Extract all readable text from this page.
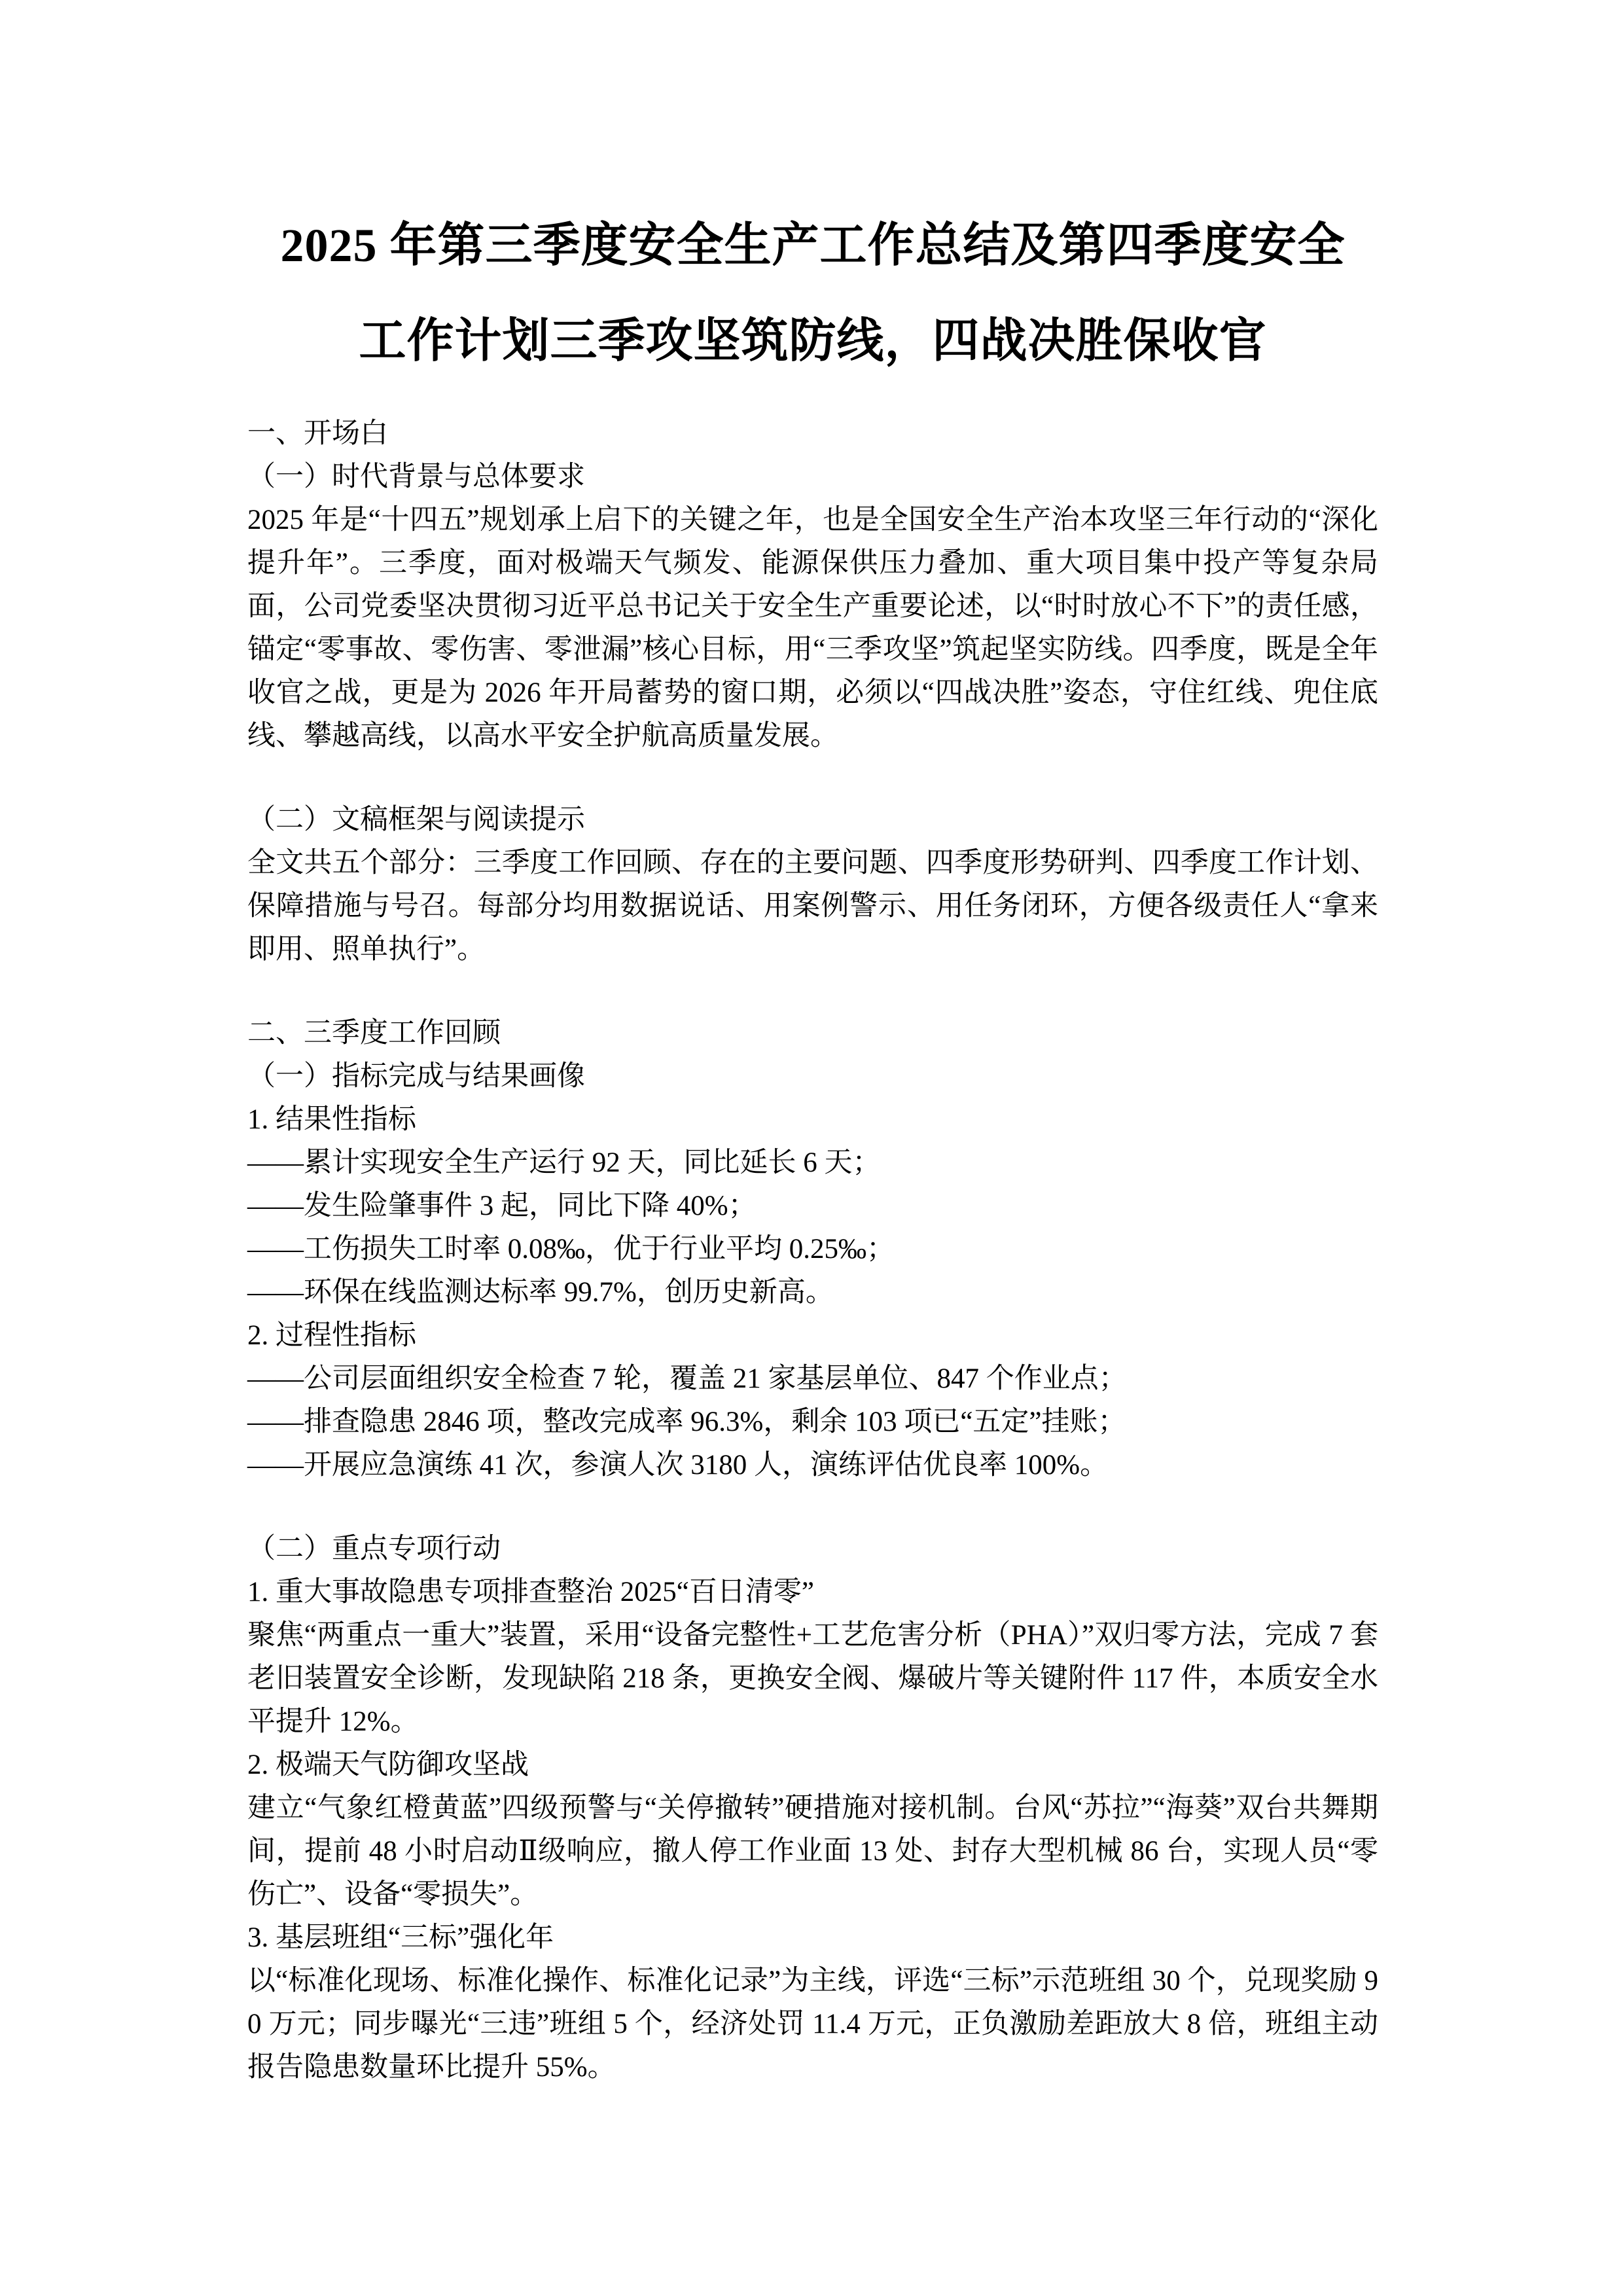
2025 年第三季度安全生产工作总结及第四季度安全
工作计划三季攻坚筑防线，四战决胜保收官

一、开场白

（一）时代背景与总体要求

2025 年是“十四五”规划承上启下的关键之年，也是全国安全生产治本攻坚三年行动的“深化提升年”。三季度，面对极端天气频发、能源保供压力叠加、重大项目集中投产等复杂局面，公司党委坚决贯彻习近平总书记关于安全生产重要论述，以“时时放心不下”的责任感，锚定“零事故、零伤害、零泄漏”核心目标，用“三季攻坚”筑起坚实防线。四季度，既是全年收官之战，更是为 2026 年开局蓄势的窗口期，必须以“四战决胜”姿态，守住红线、兜住底线、攀越高线，以高水平安全护航高质量发展。

（二）文稿框架与阅读提示

全文共五个部分：三季度工作回顾、存在的主要问题、四季度形势研判、四季度工作计划、保障措施与号召。每部分均用数据说话、用案例警示、用任务闭环，方便各级责任人“拿来即用、照单执行”。

二、三季度工作回顾

（一）指标完成与结果画像

1. 结果性指标

——累计实现安全生产运行 92 天，同比延长 6 天；

——发生险肇事件 3 起，同比下降 40%；

——工伤损失工时率 0.08‰，优于行业平均 0.25‰；

——环保在线监测达标率 99.7%，创历史新高。

2. 过程性指标

——公司层面组织安全检查 7 轮，覆盖 21 家基层单位、847 个作业点；

——排查隐患 2846 项，整改完成率 96.3%，剩余 103 项已“五定”挂账；

——开展应急演练 41 次，参演人次 3180 人，演练评估优良率 100%。

（二）重点专项行动

1. 重大事故隐患专项排查整治 2025“百日清零”

聚焦“两重点一重大”装置，采用“设备完整性+工艺危害分析（PHA）”双归零方法，完成 7 套老旧装置安全诊断，发现缺陷 218 条，更换安全阀、爆破片等关键附件 117 件，本质安全水平提升 12%。

2. 极端天气防御攻坚战

建立“气象红橙黄蓝”四级预警与“关停撤转”硬措施对接机制。台风“苏拉”“海葵”双台共舞期间，提前 48 小时启动Ⅱ级响应，撤人停工作业面 13 处、封存大型机械 86 台，实现人员“零伤亡”、设备“零损失”。

3. 基层班组“三标”强化年

以“标准化现场、标准化操作、标准化记录”为主线，评选“三标”示范班组 30 个，兑现奖励 90 万元；同步曝光“三违”班组 5 个，经济处罚 11.4 万元，正负激励差距放大 8 倍，班组主动报告隐患数量环比提升 55%。
